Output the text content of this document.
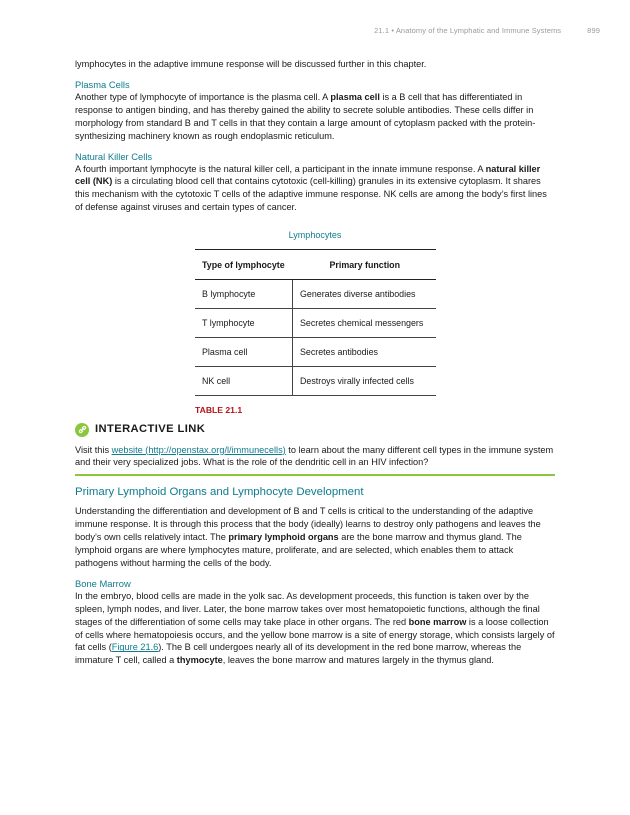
21.1 • Anatomy of the Lymphatic and Immune Systems	899

lymphocytes in the adaptive immune response will be discussed further in this chapter.

Plasma Cells

Another type of lymphocyte of importance is the plasma cell. A plasma cell is a B cell that has differentiated in response to antigen binding, and has thereby gained the ability to secrete soluble antibodies. These cells differ in morphology from standard B and T cells in that they contain a large amount of cytoplasm packed with the protein-synthesizing machinery known as rough endoplasmic reticulum.

Natural Killer Cells

A fourth important lymphocyte is the natural killer cell, a participant in the innate immune response. A natural killer cell (NK) is a circulating blood cell that contains cytotoxic (cell-killing) granules in its extensive cytoplasm. It shares this mechanism with the cytotoxic T cells of the adaptive immune response. NK cells are among the body’s first lines of defense against viruses and certain types of cancer.

Lymphocytes
Type of lymphocyte	Primary function
B lymphocyte	Generates diverse antibodies
T lymphocyte	Secretes chemical messengers
Plasma cell	Secretes antibodies
NK cell	Destroys virally infected cells
TABLE 21.1
INTERACTIVE LINK

Visit this website (http://openstax.org/l/immunecells) to learn about the many different cell types in the immune system and their very specialized jobs. What is the role of the dendritic cell in an HIV infection?

Primary Lymphoid Organs and Lymphocyte Development

Understanding the differentiation and development of B and T cells is critical to the understanding of the adaptive immune response. It is through this process that the body (ideally) learns to destroy only pathogens and leaves the body’s own cells relatively intact. The primary lymphoid organs are the bone marrow and thymus gland. The lymphoid organs are where lymphocytes mature, proliferate, and are selected, which enables them to attack pathogens without harming the cells of the body.

Bone Marrow

In the embryo, blood cells are made in the yolk sac. As development proceeds, this function is taken over by the spleen, lymph nodes, and liver. Later, the bone marrow takes over most hematopoietic functions, although the final stages of the differentiation of some cells may take place in other organs. The red bone marrow is a loose collection of cells where hematopoiesis occurs, and the yellow bone marrow is a site of energy storage, which consists largely of fat cells (Figure 21.6). The B cell undergoes nearly all of its development in the red bone marrow, whereas the immature T cell, called a thymocyte, leaves the bone marrow and matures largely in the thymus gland.
